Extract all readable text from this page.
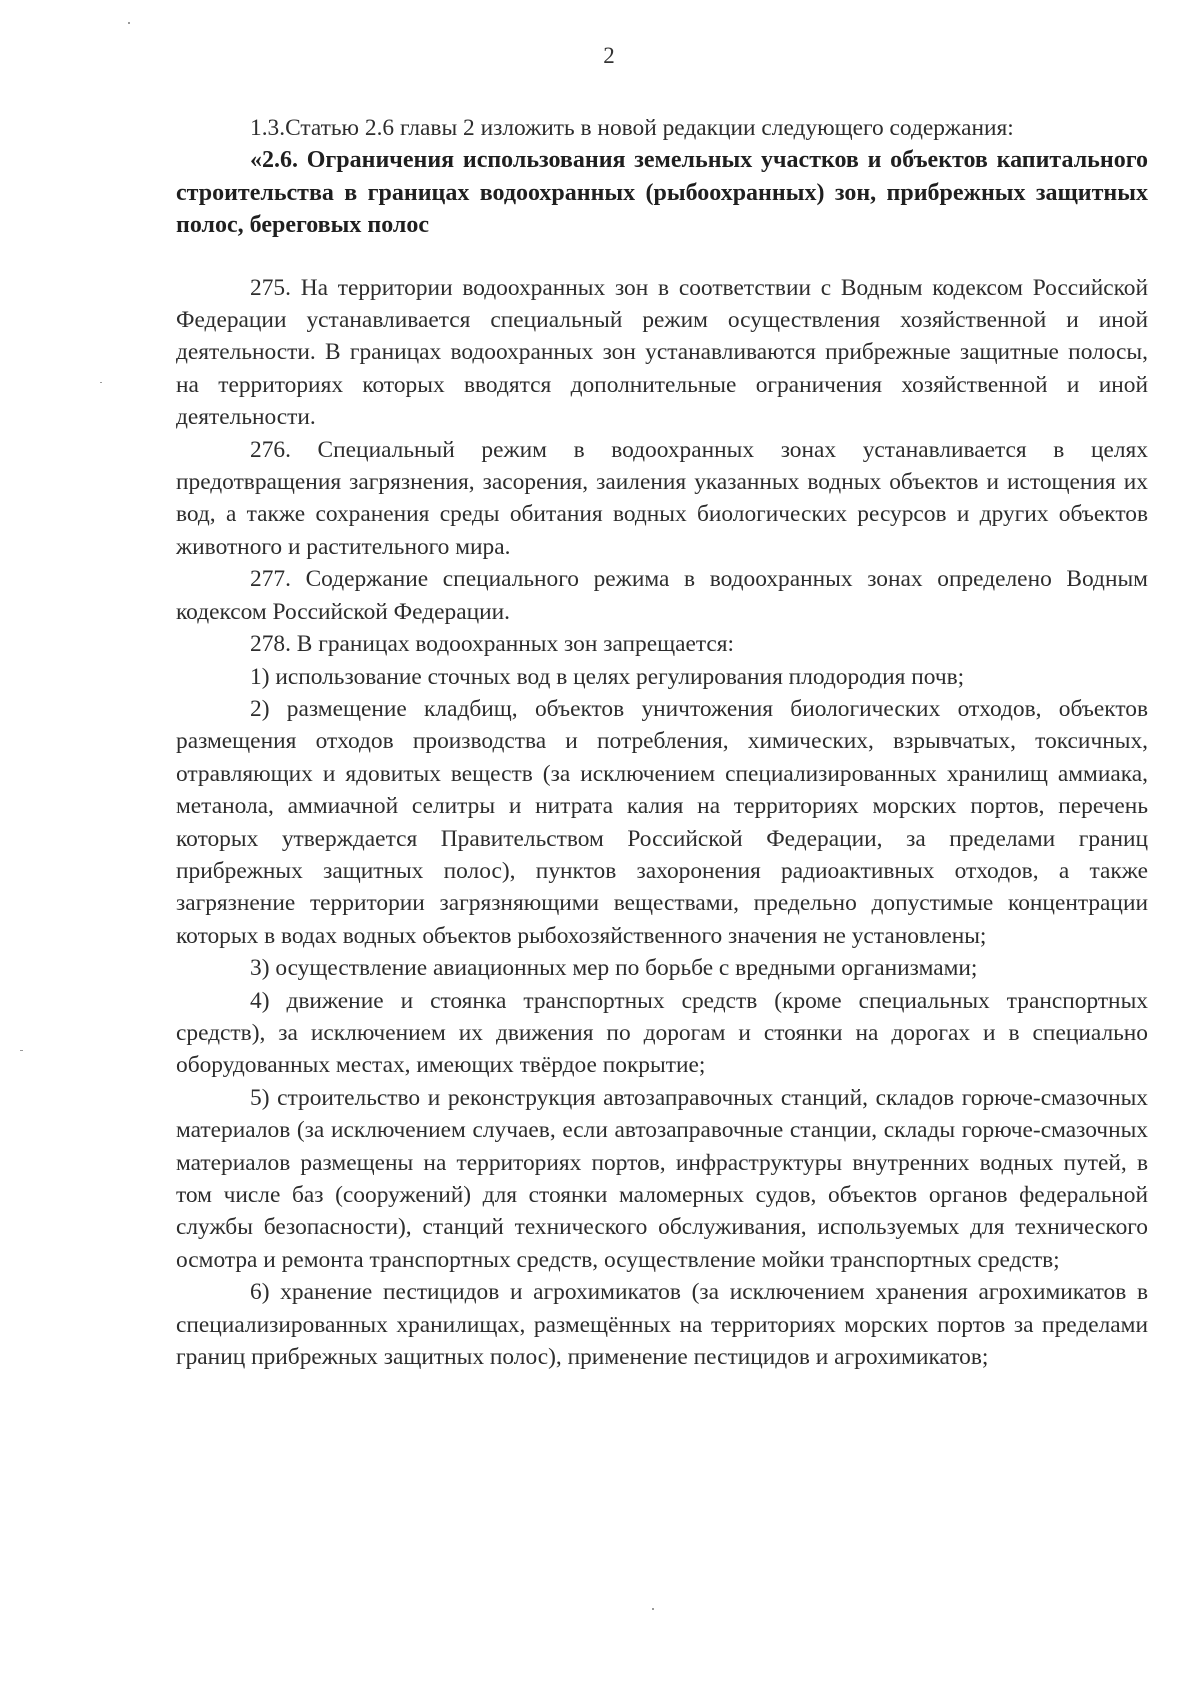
2

1.3.Статью 2.6 главы 2 изложить в новой редакции следующего содержания:

«2.6. Ограничения использования земельных участков и объектов капитального строительства в границах водоохранных (рыбоохранных) зон, прибрежных защитных полос, береговых полос

275. На территории водоохранных зон в соответствии с Водным кодексом Российской Федерации устанавливается специальный режим осуществления хозяйственной и иной деятельности. В границах водоохранных зон устанавливаются прибрежные защитные полосы, на территориях которых вводятся дополнительные ограничения хозяйственной и иной деятельности.

276. Специальный режим в водоохранных зонах устанавливается в целях предотвращения загрязнения, засорения, заиления указанных водных объектов и истощения их вод, а также сохранения среды обитания водных биологических ресурсов и других объектов животного и растительного мира.

277. Содержание специального режима в водоохранных зонах определено Водным кодексом Российской Федерации.

278. В границах водоохранных зон запрещается:

1) использование сточных вод в целях регулирования плодородия почв;

2) размещение кладбищ, объектов уничтожения биологических отходов, объектов размещения отходов производства и потребления, химических, взрывчатых, токсичных, отравляющих и ядовитых веществ (за исключением специализированных хранилищ аммиака, метанола, аммиачной селитры и нитрата калия на территориях морских портов, перечень которых утверждается Правительством Российской Федерации, за пределами границ прибрежных защитных полос), пунктов захоронения радиоактивных отходов, а также загрязнение территории загрязняющими веществами, предельно допустимые концентрации которых в водах водных объектов рыбохозяйственного значения не установлены;

3) осуществление авиационных мер по борьбе с вредными организмами;

4) движение и стоянка транспортных средств (кроме специальных транспортных средств), за исключением их движения по дорогам и стоянки на дорогах и в специально оборудованных местах, имеющих твёрдое покрытие;

5) строительство и реконструкция автозаправочных станций, складов горюче-смазочных материалов (за исключением случаев, если автозаправочные станции, склады горюче-смазочных материалов размещены на территориях портов, инфраструктуры внутренних водных путей, в том числе баз (сооружений) для стоянки маломерных судов, объектов органов федеральной службы безопасности), станций технического обслуживания, используемых для технического осмотра и ремонта транспортных средств, осуществление мойки транспортных средств;

6) хранение пестицидов и агрохимикатов (за исключением хранения агрохимикатов в специализированных хранилищах, размещённых на территориях морских портов за пределами границ прибрежных защитных полос), применение пестицидов и агрохимикатов;
